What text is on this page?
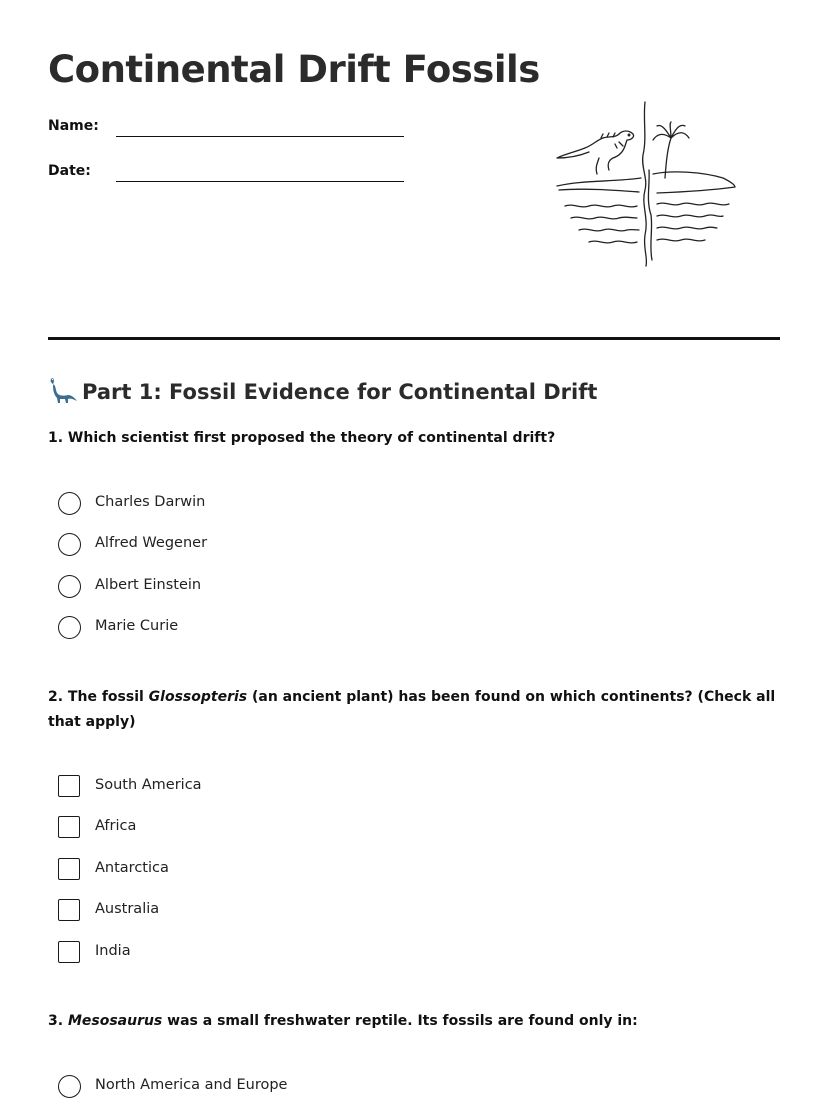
Continental Drift Fossils
Name:
Date:
Part 1: Fossil Evidence for Continental Drift

1. Which scientist first proposed the theory of continental drift?

Charles Darwin
Alfred Wegener
Albert Einstein
Marie Curie

2. The fossil Glossopteris (an ancient plant) has been found on which continents? (Check all that apply)

South America
Africa
Antarctica
Australia
India

3. Mesosaurus was a small freshwater reptile. Its fossils are found only in:

North America and Europe
